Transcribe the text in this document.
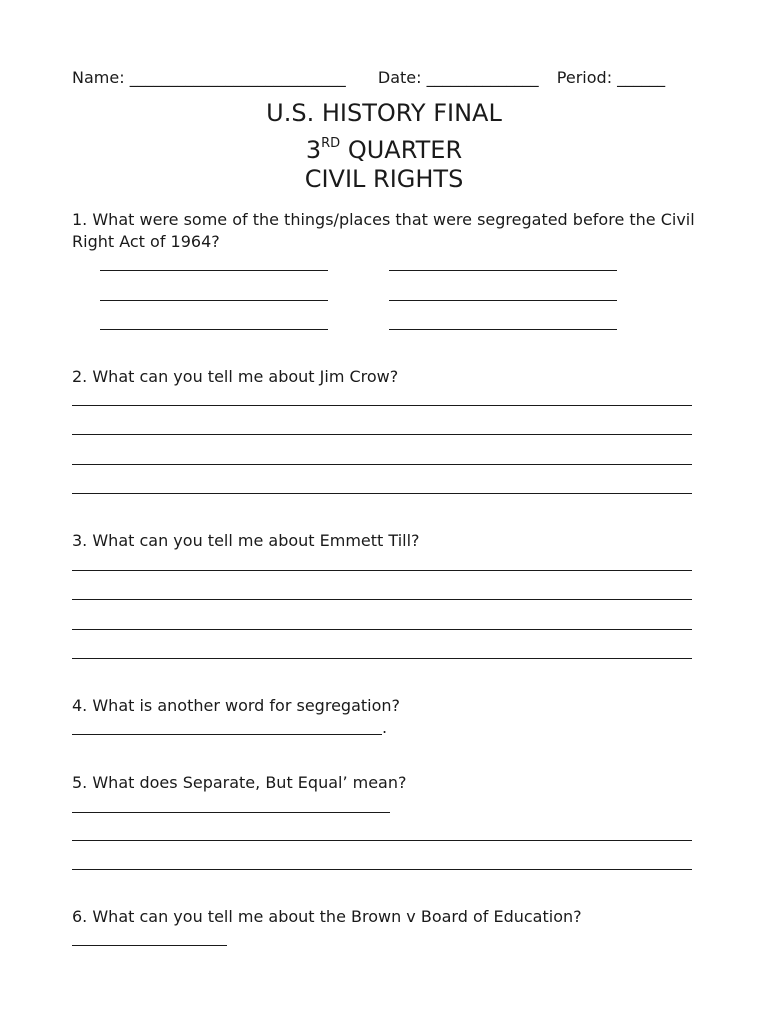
Name: ___________________________ Date: ______________ Period: ______
U.S. HISTORY FINAL
3RD QUARTER
CIVIL RIGHTS
1. What were some of the things/places that were segregated before the Civil Right Act of 1964?
2. What can you tell me about Jim Crow?
3. What can you tell me about Emmett Till?
4. What is another word for segregation?
.
5. What does Separate, But Equal’ mean?
6. What can you tell me about the Brown v Board of Education?
